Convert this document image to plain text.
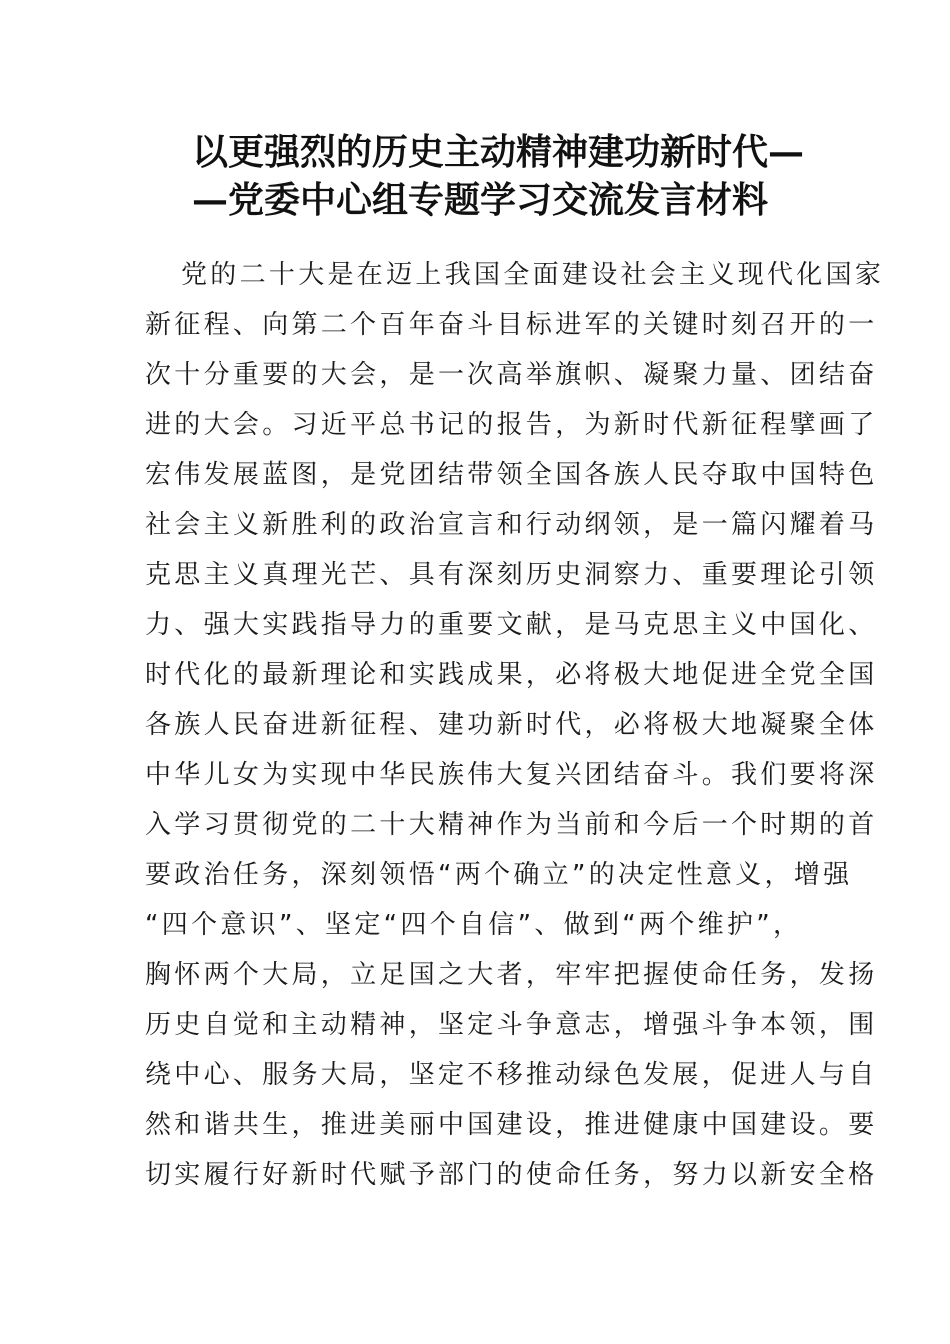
以更强烈的历史主动精神建功新时代—
—党委中心组专题学习交流发言材料
党的二十大是在迈上我国全面建设社会主义现代化国家
新征程、向第二个百年奋斗目标进军的关键时刻召开的一
次十分重要的大会，是一次高举旗帜、凝聚力量、团结奋
进的大会。习近平总书记的报告，为新时代新征程擘画了
宏伟发展蓝图，是党团结带领全国各族人民夺取中国特色
社会主义新胜利的政治宣言和行动纲领，是一篇闪耀着马
克思主义真理光芒、具有深刻历史洞察力、重要理论引领
力、强大实践指导力的重要文献，是马克思主义中国化、
时代化的最新理论和实践成果，必将极大地促进全党全国
各族人民奋进新征程、建功新时代，必将极大地凝聚全体
中华儿女为实现中华民族伟大复兴团结奋斗。我们要将深
入学习贯彻党的二十大精神作为当前和今后一个时期的首
要政治任务，深刻领悟“两个确立”的决定性意义，增强
“四个意识”、坚定“四个自信”、做到“两个维护”，
胸怀两个大局，立足国之大者，牢牢把握使命任务，发扬
历史自觉和主动精神，坚定斗争意志，增强斗争本领，围
绕中心、服务大局，坚定不移推动绿色发展，促进人与自
然和谐共生，推进美丽中国建设，推进健康中国建设。要
切实履行好新时代赋予部门的使命任务，努力以新安全格
